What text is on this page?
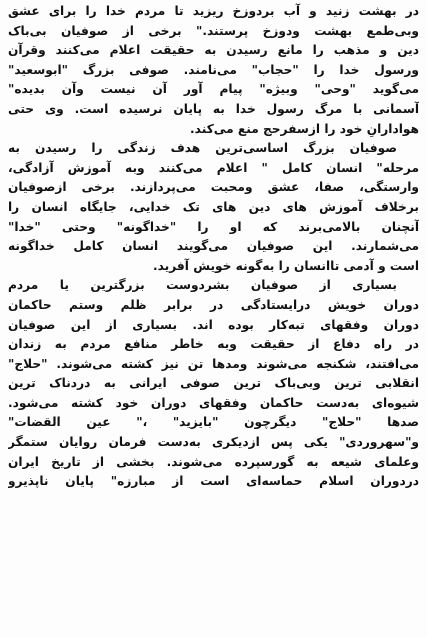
در بهشت زنید و آب بردوزخ ریزید تا مردم خدا را برای عشق
وبی‌طمع بهشت ودوزخ پرستند." برخی از صوفیان بی‌باک
دین و مذهب را مانع رسیدن به حقیقت اعلام می‌کنند وقرآن
ورسول خدا را "حجاب" می‌نامند. صوفی بزرگ "ابوسعید"
می‌گوید "وحی" وبیژه" پیام آور آن نیست وآن بدیده"
آسمانی با مرگ رسول خدا به پایان نرسیده است. وی حتی
هوادارانِ خود را ازسفرحج منع می‌کند.
صوفیان بزرگ اساسی‌ترین هدف زندگی را رسیدن به
مرحله" انسان کامل " اعلام می‌کنند وبه آموزش آزادگی،
وارستگی، صفا، عشق ومحبت می‌پردازند. برخی ازصوفیان
برخلاف آموزش های دین های تک خدایی، جایگاه انسان را
آنچنان بالامی‌برند که او را "خداگونه" وحتی "خدا"
می‌شمارند. این صوفیان می‌گویند انسان کامل خداگونه
است و آدمی تاانسان را به‌گونه خویش آفرید.
بسیاری از صوفیان بشردوست بزرگترین یا مردم
دوران خویش درایستادگی در برابر ظلم وستم حاکمان
دوران وفقهای تبه‌کار بوده اند. بسیاری از این صوفیان
در راه دفاع از حقیقت وبه خاطر منافع مردم به زندان
می‌افتند، شکنجه می‌شوند ومدها تن نیز کشته می‌شوند. "حلاج"
انقلابی ترین وبی‌باک ترین صوفی ایرانی به دردناک ترین
شیوه‌ای به‌دست حاکمان وفقهای دوران خود کشته می‌شود.
صدها "حلاج" دیگرچون "بایزید" ،" عین القضات"
و"سهروردی" یکی پس ازدیکری به‌دست فرمان روایان ستمگر
وعلمای شیعه به گورسپرده می‌شوند. بخشی از تاریخ ایران
دردوران اسلام حماسه‌ای است از مبارزه" پایان ناپذیرو
